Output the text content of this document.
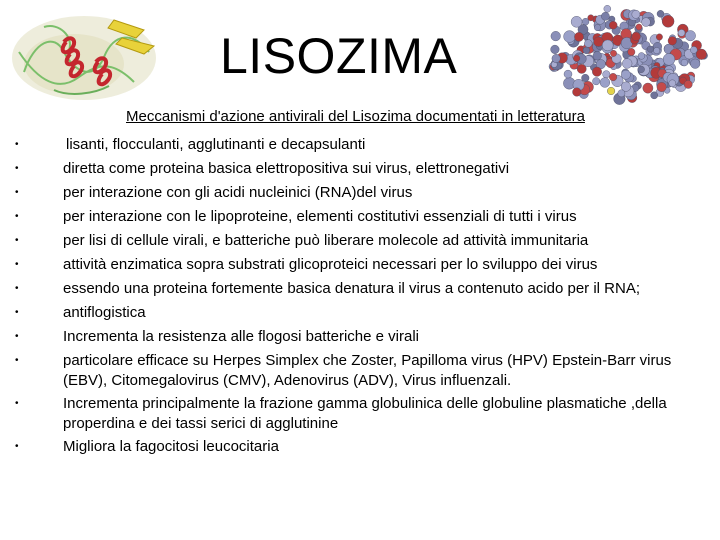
LISOZIMA

Meccanismi d'azione antivirali del Lisozima documentati in letteratura

•	lisanti, flocculanti, agglutinanti e decapsulanti
•	diretta come proteina basica elettropositiva sui virus, elettronegativi
•	per interazione con gli acidi nucleinici (RNA)del virus
•	per interazione con le lipoproteine, elementi costitutivi essenziali di tutti i virus
•	per lisi di cellule virali, e batteriche può liberare molecole ad attività immunitaria
•	attività enzimatica sopra substrati glicoproteici necessari per lo sviluppo dei virus
•	essendo una proteina fortemente basica denatura il virus a contenuto acido per il RNA;
•	antiflogistica
•	Incrementa la resistenza alle flogosi batteriche e virali
•	particolare efficace su Herpes Simplex che Zoster, Papilloma virus (HPV) Epstein-Barr virus (EBV), Citomegalovirus (CMV), Adenovirus (ADV), Virus influenzali.
•	Incrementa principalmente la frazione gamma globulinica delle globuline plasmatiche ,della properdina e dei tassi serici di agglutinine
•	Migliora la fagocitosi leucocitaria
